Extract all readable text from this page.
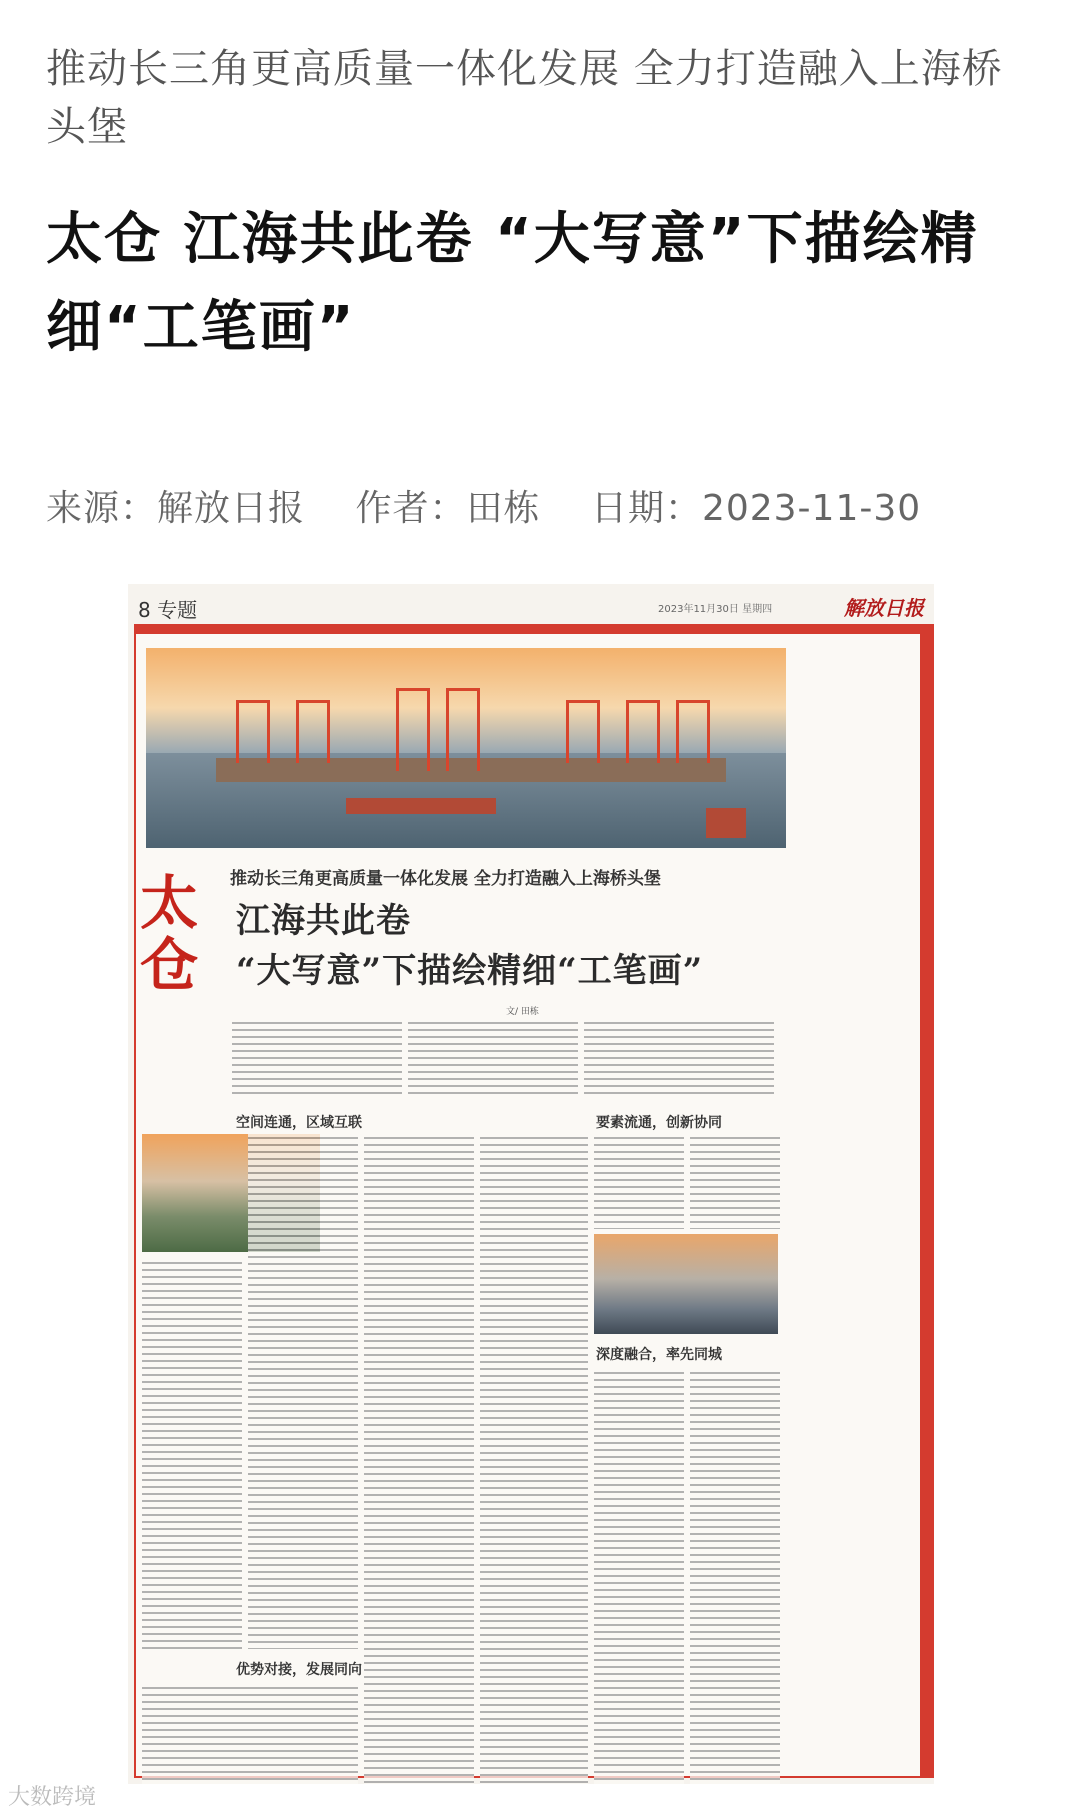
推动长三角更高质量一体化发展 全力打造融入上海桥头堡
太仓 江海共此卷 “大写意”下描绘精细“工笔画”
来源：解放日报 作者：田栋 日期：2023-11-30
8 专题	2023年11月30日 星期四	解放日报
推动长三角更高质量一体化发展 全力打造融入上海桥头堡
太仓
江海共此卷
“大写意”下描绘精细“工笔画”
文/ 田栋
空间连通，区域互联	要素流通，创新协同
优势对接，发展同向
深度融合，率先同城
大数跨境
